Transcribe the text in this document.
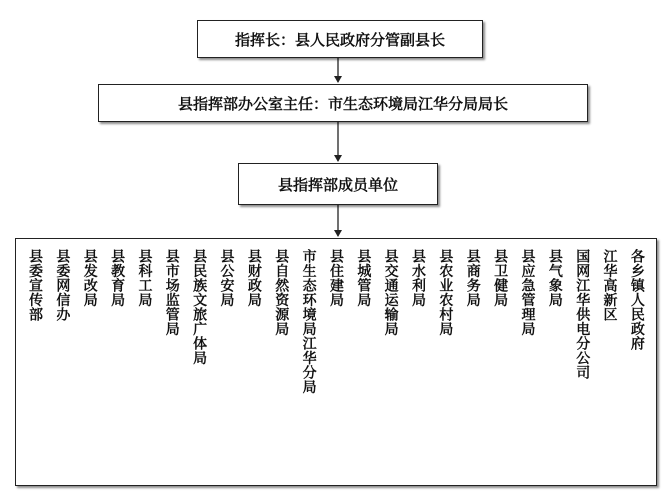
指挥长：县人民政府分管副县长
县指挥部办公室主任：市生态环境局江华分局局长
县指挥部成员单位
县委宣传部 县委网信办 县发改局 县教育局 县科工局 县市场监管局 县民族文旅广体局 县公安局 县财政局 县自然资源局 市生态环境局江华分局 县住建局 县城管局 县交通运输局 县水利局 县农业农村局 县商务局 县卫健局 县应急管理局 县气象局 国网江华供电分公司 江华高新区 各乡镇人民政府
